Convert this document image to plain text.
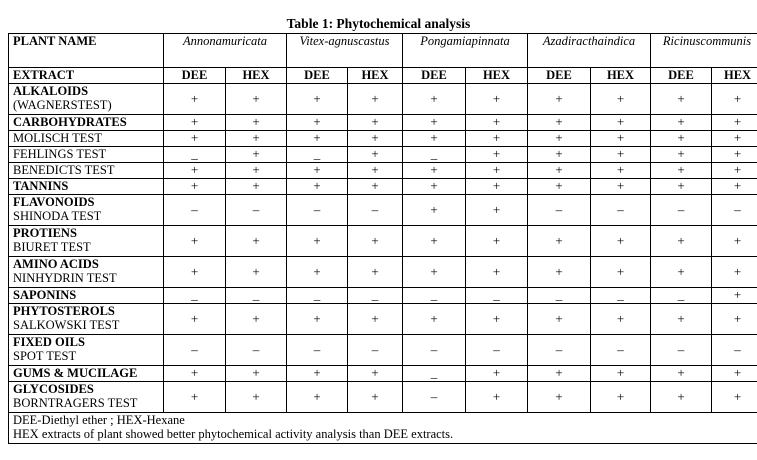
Table 1: Phytochemical analysis
PLANT NAME	Annonamuricata		Vitex-agnuscastus		Pongamiapinnata		Azadiracthaindica		Ricinuscommunis	
EXTRACT	DEE	HEX	DEE	HEX	DEE	HEX	DEE	HEX	DEE	HEX

ALKALOIDS
(WAGNERSTEST)	+	+	+	+	+	+	+	+	+	+

CARBOHYDRATES	+	+	+	+	+	+	+	+	+	+

MOLISCH TEST	+	+	+	+	+	+	+	+	+	+

FEHLINGS TEST	_	+	_	+	_	+	+	+	+	+

BENEDICTS TEST	+	+	+	+	+	+	+	+	+	+

TANNINS	+	+	+	+	+	+	+	+	+	+

FLAVONOIDS
SHINODA TEST	–	–	–	–	+	+	–	–	–	–

PROTIENS
BIURET TEST	+	+	+	+	+	+	+	+	+	+

AMINO ACIDS
NINHYDRIN TEST	+	+	+	+	+	+	+	+	+	+

SAPONINS	_	_	_	_	_	_	_	_	_	+

PHYTOSTEROLS
SALKOWSKI TEST	+	+	+	+	+	+	+	+	+	+

FIXED OILS
SPOT TEST	–	–	–	–	–	–	–	–	–	–

GUMS & MUCILAGE	+	+	+	+	_	+	+	+	+	+

GLYCOSIDES
BORNTRAGERS TEST	+	+	+	+	–	+	+	+	+	+

DEE-Diethyl ether ; HEX-Hexane
HEX extracts of plant showed better phytochemical activity analysis than DEE extracts.										
